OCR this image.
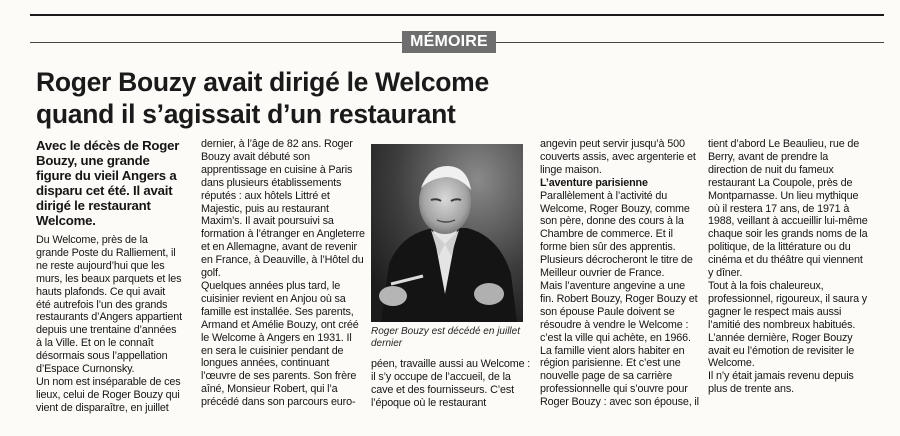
MÉMOIRE
Roger Bouzy avait dirigé le Welcome
quand il s’agissait d’un restaurant

Avec le décès de Roger Bouzy, une grande figure du vieil Angers a disparu cet été. Il avait dirigé le restaurant Welcome.

Du Welcome, près de la grande Poste du Ralliement, il ne reste aujourd’hui que les murs, les beaux parquets et les hauts plafonds. Ce qui avait été autrefois l’un des grands restaurants d’Angers appartient depuis une trentaine d’années à la Ville. Et on le connaît désormais sous l’appellation d’Espace Curnonsky.

Un nom est inséparable de ces lieux, celui de Roger Bouzy qui vient de disparaître, en juillet

dernier, à l’âge de 82 ans. Roger Bouzy avait débuté son apprentissage en cuisine à Paris dans plusieurs établissements réputés : aux hôtels Littré et Majestic, puis au restaurant Maxim’s. Il avait poursuivi sa formation à l’étranger en Angleterre et en Allemagne, avant de revenir en France, à Deauville, à l’Hôtel du golf.

Quelques années plus tard, le cuisinier revient en Anjou où sa famille est installée. Ses parents, Armand et Amélie Bouzy, ont créé le Welcome à Angers en 1931. Il en sera le cuisinier pendant de longues années, continuant l’œuvre de ses parents. Son frère aîné, Monsieur Robert, qui l’a précédé dans son parcours euro-

Roger Bouzy est décédé en juillet dernier

péen, travaille aussi au Welcome : il s’y occupe de l’accueil, de la cave et des fournisseurs. C’est l’époque où le restaurant

angevin peut servir jusqu’à 500 couverts assis, avec argenterie et linge maison.

L’aventure parisienne

Parallèlement à l’activité du Welcome, Roger Bouzy, comme son père, donne des cours à la Chambre de commerce. Et il forme bien sûr des apprentis. Plusieurs décrocheront le titre de Meilleur ouvrier de France.

Mais l’aventure angevine a une fin. Robert Bouzy, Roger Bouzy et son épouse Paule doivent se résoudre à vendre le Welcome : c’est la ville qui achète, en 1966. La famille vient alors habiter en région parisienne. Et c’est une nouvelle page de sa carrière professionnelle qui s’ouvre pour Roger Bouzy : avec son épouse, il

tient d’abord Le Beaulieu, rue de Berry, avant de prendre la direction de nuit du fameux restaurant La Coupole, près de Montparnasse. Un lieu mythique où il restera 17 ans, de 1971 à 1988, veillant à accueillir lui-même chaque soir les grands noms de la politique, de la littérature ou du cinéma et du théâtre qui viennent y dîner.

Tout à la fois chaleureux, professionnel, rigoureux, il saura y gagner le respect mais aussi l’amitié des nombreux habitués.

L’année dernière, Roger Bouzy avait eu l’émotion de revisiter le Welcome.

Il n’y était jamais revenu depuis plus de trente ans.
